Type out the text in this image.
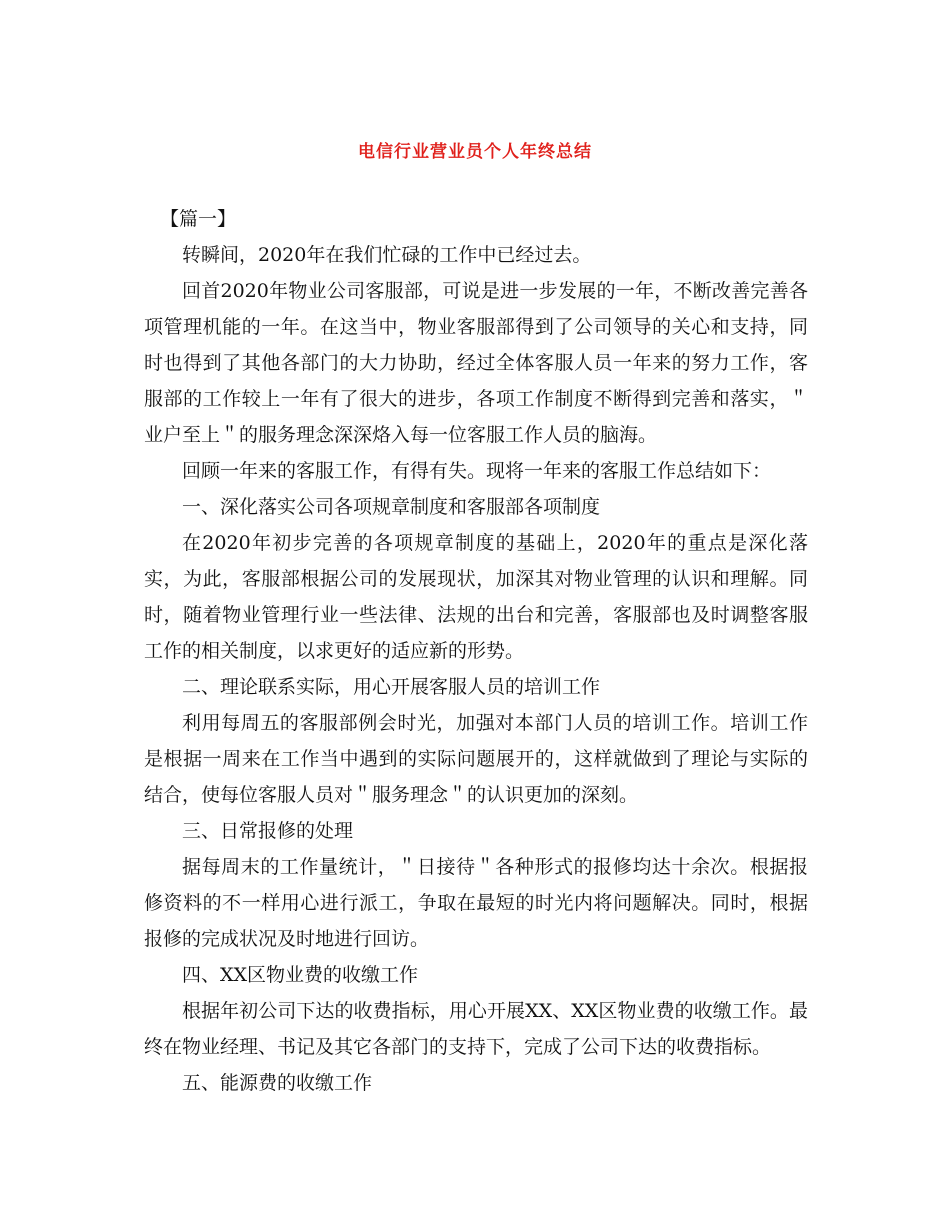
电信行业营业员个人年终总结

【篇一】

转瞬间，2020年在我们忙碌的工作中已经过去。

回首2020年物业公司客服部，可说是进一步发展的一年，不断改善完善各项管理机能的一年。在这当中，物业客服部得到了公司领导的关心和支持，同时也得到了其他各部门的大力协助，经过全体客服人员一年来的努力工作，客服部的工作较上一年有了很大的进步，各项工作制度不断得到完善和落实，＂业户至上＂的服务理念深深烙入每一位客服工作人员的脑海。

回顾一年来的客服工作，有得有失。现将一年来的客服工作总结如下：

一、深化落实公司各项规章制度和客服部各项制度

在2020年初步完善的各项规章制度的基础上，2020年的重点是深化落实，为此，客服部根据公司的发展现状，加深其对物业管理的认识和理解。同时，随着物业管理行业一些法律、法规的出台和完善，客服部也及时调整客服工作的相关制度，以求更好的适应新的形势。

二、理论联系实际，用心开展客服人员的培训工作

利用每周五的客服部例会时光，加强对本部门人员的培训工作。培训工作是根据一周来在工作当中遇到的实际问题展开的，这样就做到了理论与实际的结合，使每位客服人员对＂服务理念＂的认识更加的深刻。

三、日常报修的处理

据每周末的工作量统计，＂日接待＂各种形式的报修均达十余次。根据报修资料的不一样用心进行派工，争取在最短的时光内将问题解决。同时，根据报修的完成状况及时地进行回访。

四、XX区物业费的收缴工作

根据年初公司下达的收费指标，用心开展XX、XX区物业费的收缴工作。最终在物业经理、书记及其它各部门的支持下，完成了公司下达的收费指标。

五、能源费的收缴工作
